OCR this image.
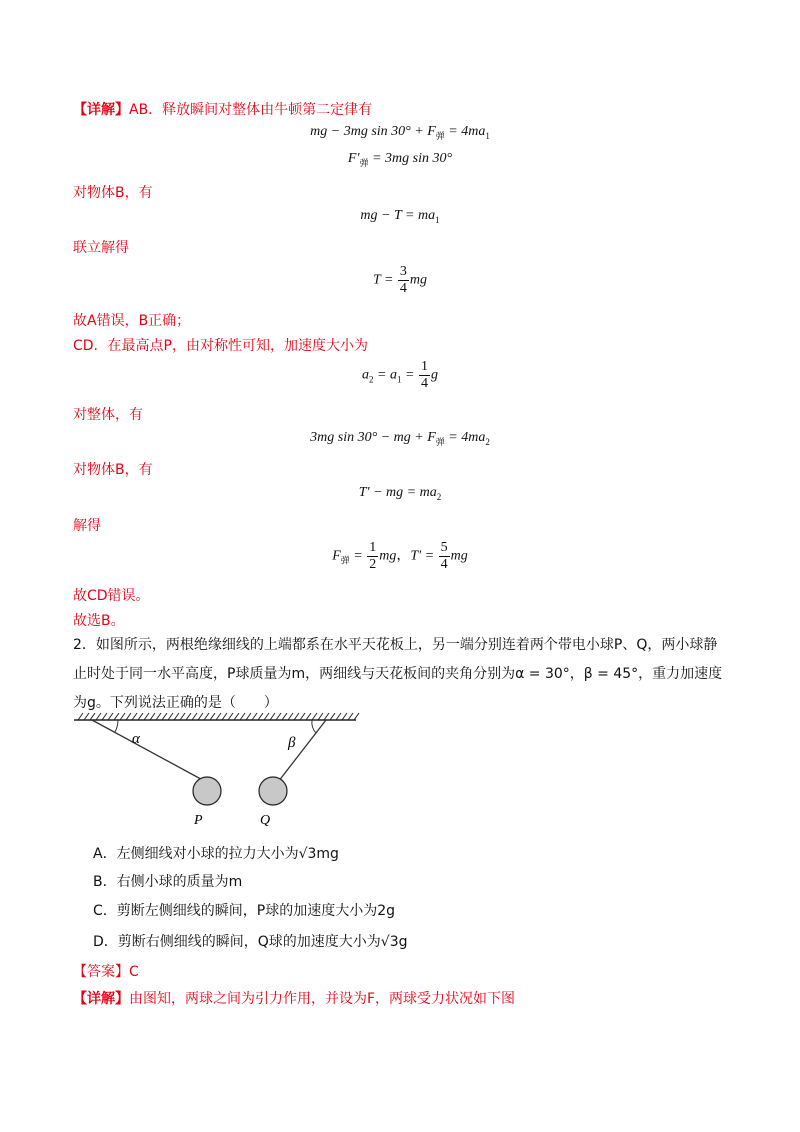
【详解】AB．释放瞬间对整体由牛顿第二定律有
mg − 3mg $\sin 30^\circ + F_弹 = 4ma_1$
$F'_弹 = 3mg$ sin 30°
对物体B，有
mg − $T = ma_1$
联立解得
$T = \frac{3}{4}$ mg
故A错误，B正确；
CD．在最高点P，由对称性可知，加速度大小为
$a_2 = a_1 = \frac{1}{4}$ g
对整体，有
3mg sin 30° − mg + $F_弹 = 4ma_2$
对物体B，有
T′ − mg = $ma_2$
解得
$F_弹 = \frac{1}{2}$ mg，$T' = \frac{5}{4}$ mg
故CD错误。
故选B。
2．如图所示，两根绝缘细线的上端都系在水平天花板上，另一端分别连着两个带电小球P、Q，两小球静
止时处于同一水平高度，P球质量为m，两细线与天花板间的夹角分别为α = 30°，β = 45°，重力加速度
为g。下列说法正确的是（　　）
α	β
P	Q
A．左侧细线对小球的拉力大小为√3mg
B．右侧小球的质量为m
C．剪断左侧细线的瞬间，P球的加速度大小为2g
D．剪断右侧细线的瞬间，Q球的加速度大小为√3g
【答案】C
【详解】由图知，两球之间为引力作用，并设为F，两球受力状况如下图
